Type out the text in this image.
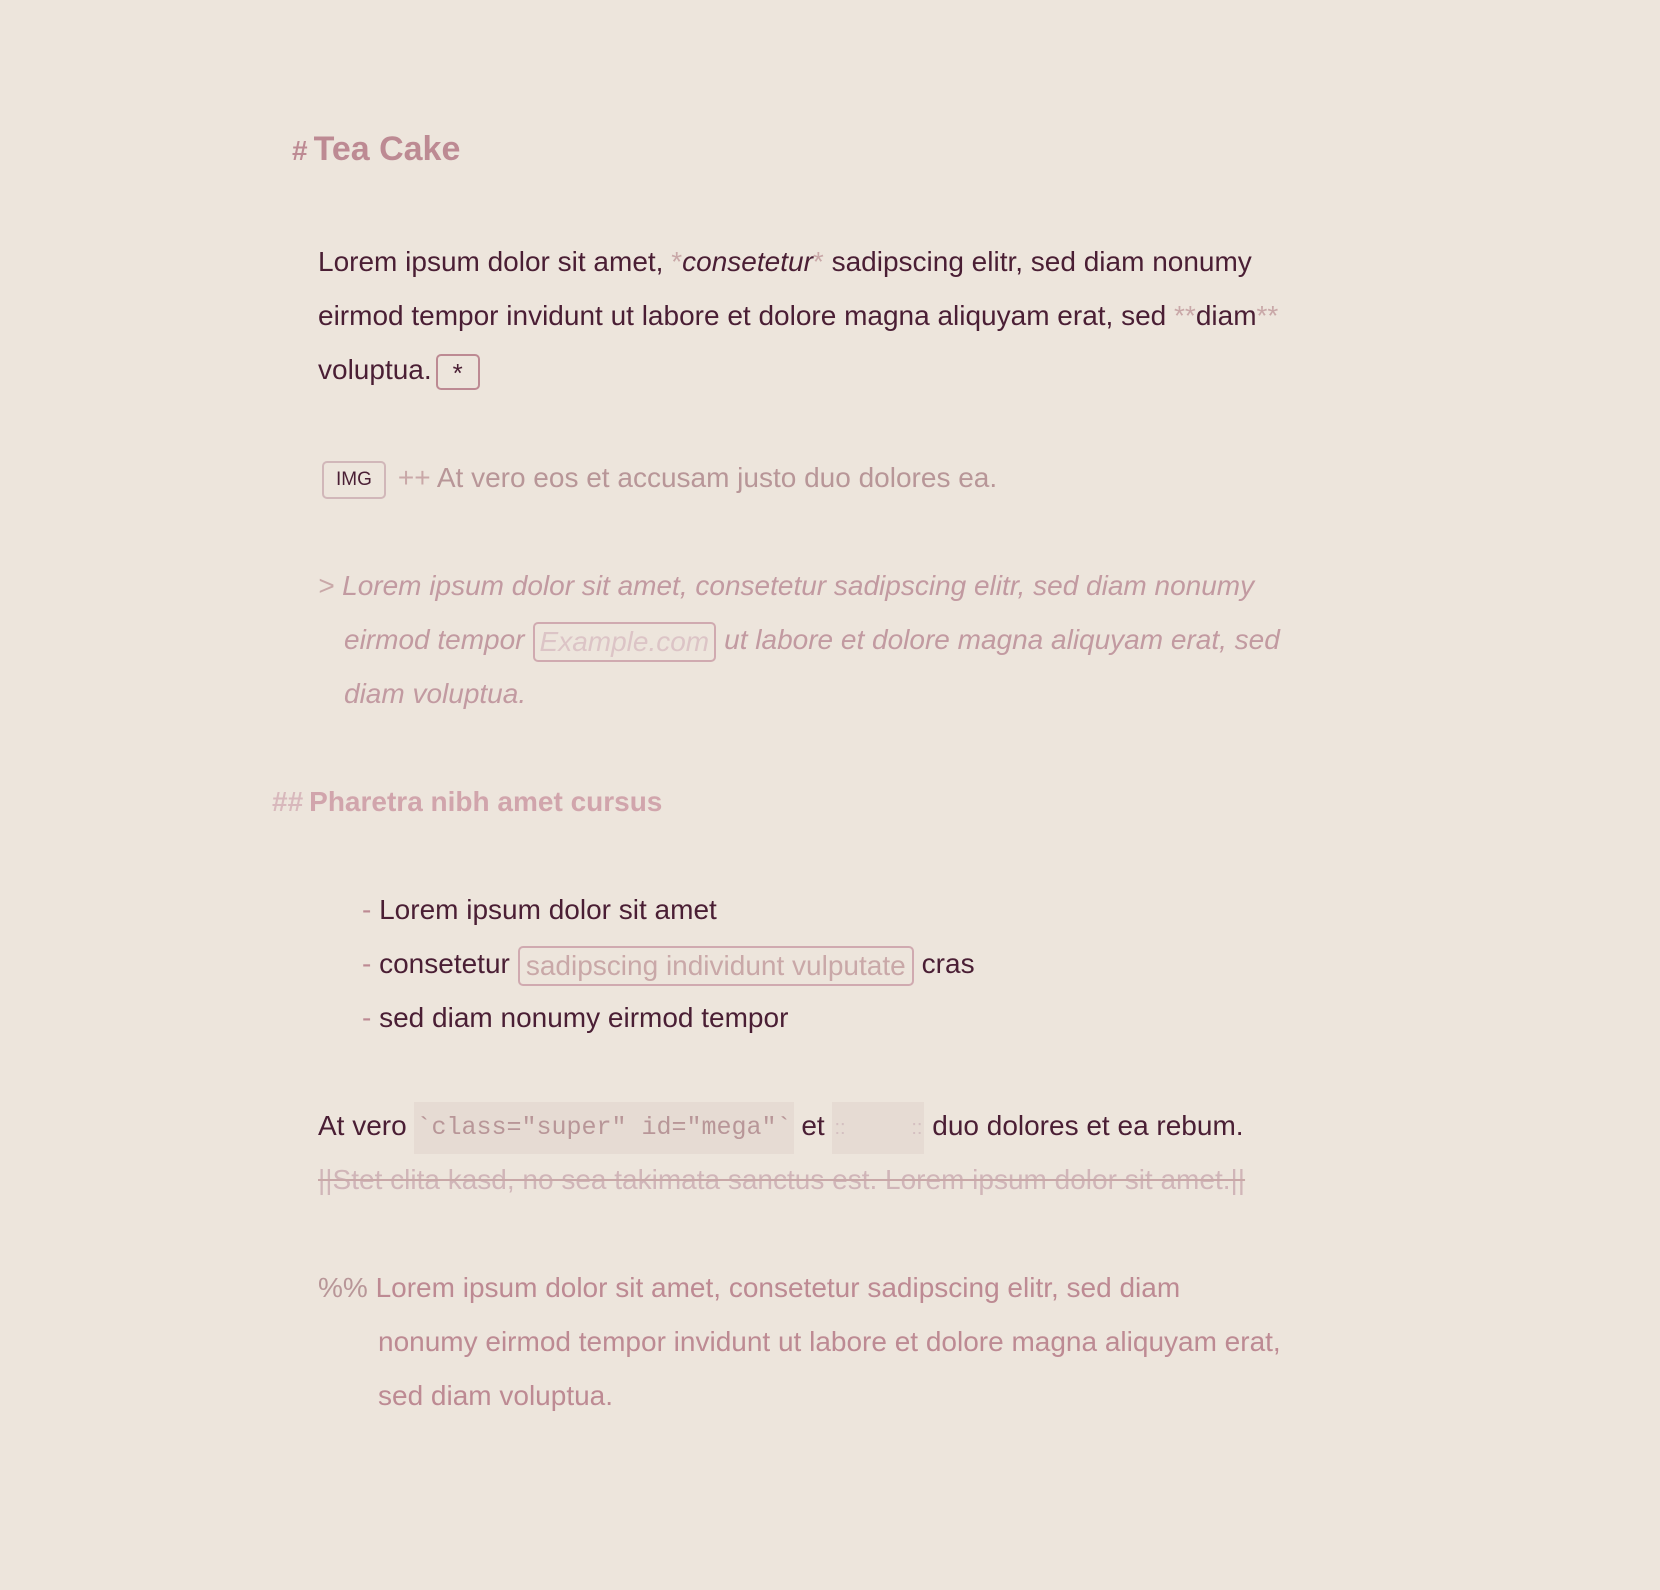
# Tea Cake
Lorem ipsum dolor sit amet, *consetetur* sadipscing elitr, sed diam nonumy
eirmod tempor invidunt ut labore et dolore magna aliquyam erat, sed **diam**
voluptua. *
IMG ++ At vero eos et accusam justo duo dolores ea.
> Lorem ipsum dolor sit amet, consetetur sadipscing elitr, sed diam nonumy
eirmod tempor Example.com ut labore et dolore magna aliquyam erat, sed
diam voluptua.
## Pharetra nibh amet cursus
- Lorem ipsum dolor sit amet
- consetetur sadipscing individunt vulputate cras
- sed diam nonumy eirmod tempor
At vero `class="super" id="mega"` et ::	:: duo dolores et ea rebum.
||Stet clita kasd, no sea takimata sanctus est. Lorem ipsum dolor sit amet.||
%% Lorem ipsum dolor sit amet, consetetur sadipscing elitr, sed diam
nonumy eirmod tempor invidunt ut labore et dolore magna aliquyam erat,
sed diam voluptua.
